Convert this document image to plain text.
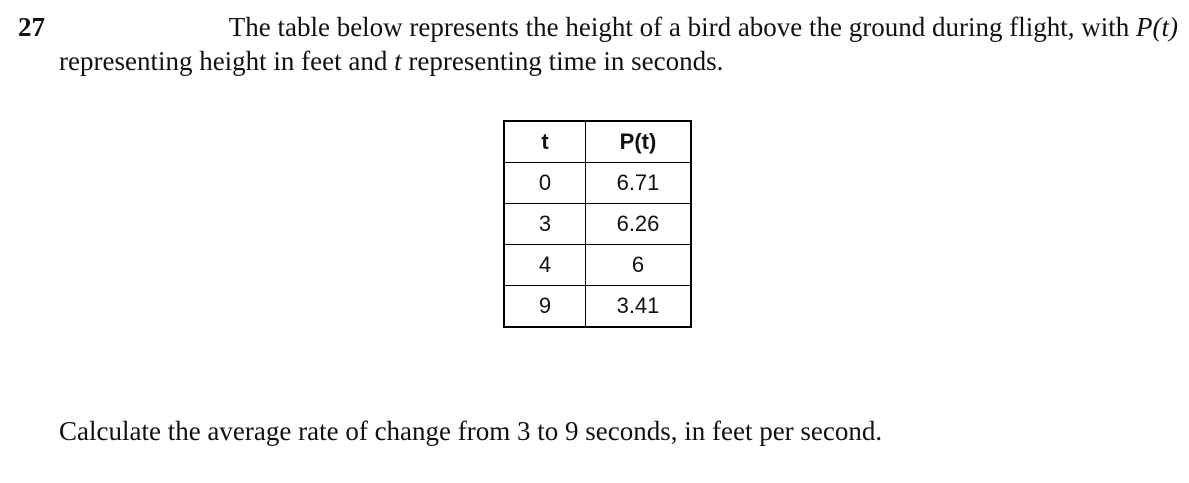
27	The table below represents the height of a bird above the ground during flight, with P(t)
representing height in feet and t representing time in seconds.
t	P(t)
0	6.71
3	6.26
4	6
9	3.41
Calculate the average rate of change from 3 to 9 seconds, in feet per second.
